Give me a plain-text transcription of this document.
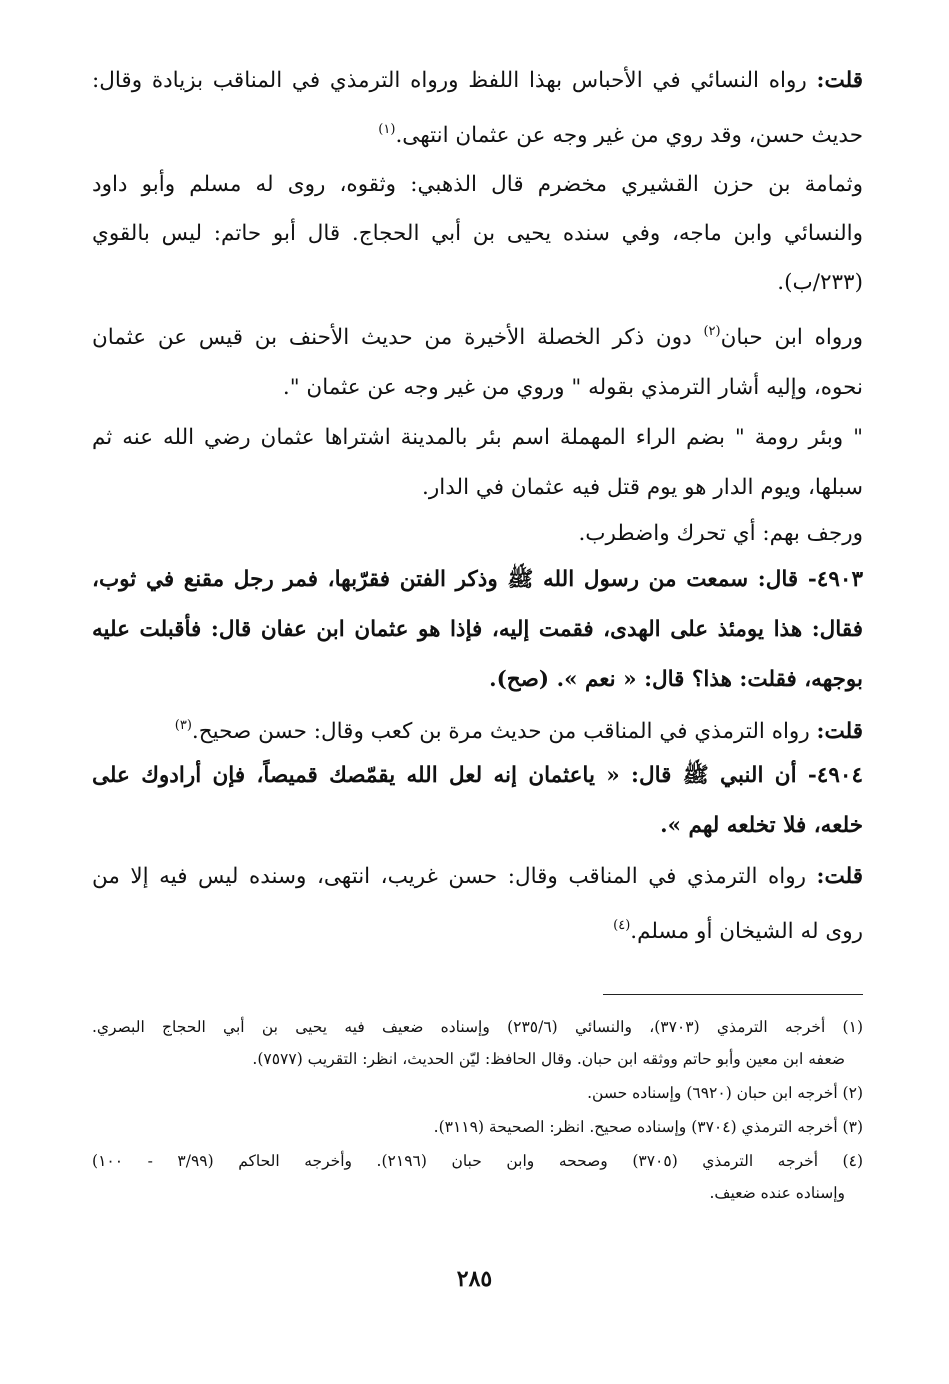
قلت: رواه النسائي في الأحباس بهذا اللفظ ورواه الترمذي في المناقب بزيادة وقال:
حديث حسن، وقد روي من غير وجه عن عثمان انتهى.$^{(١)}$
وثمامة بن حزن القشيري مخضرم قال الذهبي: وثقوه، روى له مسلم وأبو داود
والنسائي وابن ماجه، وفي سنده يحيى بن أبي الحجاج. قال أبو حاتم: ليس بالقوي
(٢٣٣/ب).
ورواه ابن حبان$^{(٢)}$ دون ذكر الخصلة الأخيرة من حديث الأحنف بن قيس عن عثمان
نحوه، وإليه أشار الترمذي بقوله " وروي من غير وجه عن عثمان ".
" وبئر رومة " بضم الراء المهملة اسم بئر بالمدينة اشتراها عثمان رضي الله عنه ثم
سبلها، ويوم الدار هو يوم قتل فيه عثمان في الدار.
ورجف بهم: أي تحرك واضطرب.
٤٩٠٣- قال: سمعت من رسول الله ﷺ وذكر الفتن فقرّبها، فمر رجل مقنع في ثوب،
فقال: هذا يومئذ على الهدى، فقمت إليه، فإذا هو عثمان ابن عفان قال: فأقبلت عليه
بوجهه، فقلت: هذا؟ قال: « نعم ». (صح).
قلت: رواه الترمذي في المناقب من حديث مرة بن كعب وقال: حسن صحيح.$^{(٣)}$
٤٩٠٤- أن النبي ﷺ قال: « ياعثمان إنه لعل الله يقمّصك قميصاً، فإن أرادوك على
خلعه، فلا تخلعه لهم ».
قلت: رواه الترمذي في المناقب وقال: حسن غريب، انتهى، وسنده ليس فيه إلا من
روى له الشيخان أو مسلم.$^{(٤)}$
(١) أخرجه الترمذي (٣٧٠٣)، والنسائي (٢٣٥/٦) وإسناده ضعيف فيه يحيى بن أبي الحجاج البصري.
ضعفه ابن معين وأبو حاتم ووثقه ابن حبان. وقال الحافظ: ليّن الحديث، انظر: التقريب (٧٥٧٧).
(٢) أخرجه ابن حبان (٦٩٢٠) وإسناده حسن.
(٣) أخرجه الترمذي (٣٧٠٤) وإسناده صحيح. انظر: الصحيحة (٣١١٩).
(٤) أخرجه الترمذي (٣٧٠٥) وصححه وابن حبان (٢١٩٦). وأخرجه الحاكم (٣/٩٩ - ١٠٠)
وإسناده عنده ضعيف.
٢٨٥
